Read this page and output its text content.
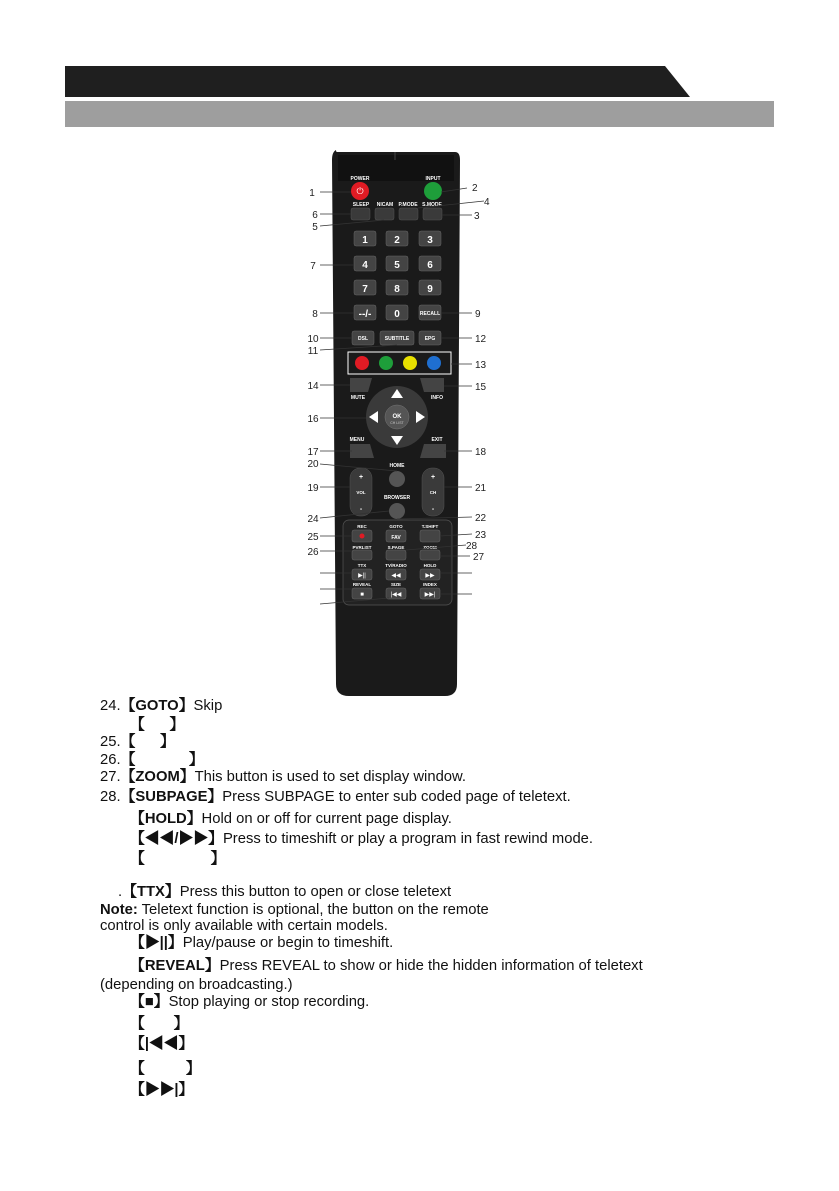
POWER	INPUT
SLEEP NICAM P.MODE S.MODE
⏻
1	2	3
4	5	6
7	8	9
--/- 0	RECALL
DSL	SUBTITLE	EPG
MUTE	INFO
OK
CH LIST
MENU	EXIT
HOME
+
-
+
-
VOL	CH
BROWSER
REC	GOTO	T.SHIFT
PVRLIST	S.PAGE	ZOOM
TTX	TV/RADIO	HOLD
REVEAL	SIZE	INDEX
FAV
▶||	◀◀	▶▶
■	|◀◀	▶▶|
1	2
3
4
5
6
7
8	9
10
11
12
13
14	15
16
17	18
19
20
21
22
23
24
25
26	27
28
24.【GOTO】Skip
【      】
25.【      】
26.【             】
27.【ZOOM】This button is used to set display window.
28.【SUBPAGE】Press SUBPAGE to enter sub coded page of teletext.
【HOLD】Hold on or off for current page display.
【◀◀/▶▶】Press to timeshift or play a program in fast rewind mode.
【                】
.【TTX】Press this button to open or close teletext
Note: Teletext function is optional, the button on the remote
control is only available with certain models.
【▶||】Play/pause or begin to timeshift.
【REVEAL】Press REVEAL to show or hide the hidden information of teletext
(depending on broadcasting.)
【■】Stop playing or stop recording.
【       】
【|◀◀】
【          】
【▶▶|】
